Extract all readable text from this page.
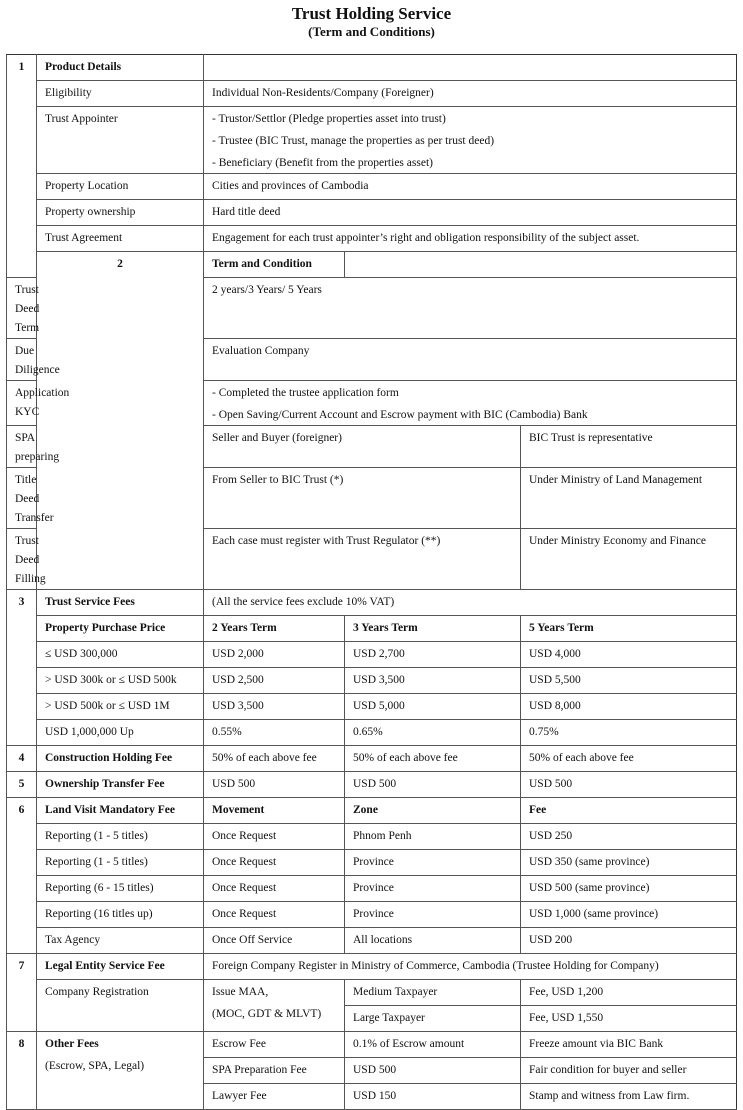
Trust Holding Service
(Term and Conditions)
1	Product Details			
	Eligibility	Individual Non-Residents/Company (Foreigner)		
	Trust Appointer	- Trustor/Settlor (Pledge properties asset into trust)
- Trustee (BIC Trust, manage the properties as per trust deed)
- Beneficiary (Benefit from the properties asset)		

	Property Location	Cities and provinces of Cambodia		
	Property ownership	Hard title deed		
	Trust Agreement	Engagement for each trust appointer’s right and obligation responsibility of the subject asset.		
	2	Term and Condition		
Trust Deed Term		2 years/3 Years/ 5 Years		
Due Diligence		Evaluation Company		
Application KYC		- Completed the trustee application form
- Open Saving/Current Account and Escrow payment with BIC (Cambodia) Bank		

SPA preparing		Seller and Buyer (foreigner)		BIC Trust is representative
Title Deed Transfer		From Seller to BIC Trust (*)		Under Ministry of Land Management
Trust Deed Filling		Each case must register with Trust Regulator (**)		Under Ministry Economy and Finance
3	Trust Service Fees	(All the service fees exclude 10% VAT)		
	Property Purchase Price	2 Years Term	3 Years Term	5 Years Term
	≤ USD 300,000	USD 2,000	USD 2,700	USD 4,000
	> USD 300k or ≤ USD 500k	USD 2,500	USD 3,500	USD 5,500
	> USD 500k or ≤ USD 1M	USD 3,500	USD 5,000	USD 8,000
	USD 1,000,000 Up	0.55%	0.65%	0.75%
4	Construction Holding Fee	50% of each above fee	50% of each above fee	50% of each above fee
5	Ownership Transfer Fee	USD 500	USD 500	USD 500
6	Land Visit Mandatory Fee	Movement	Zone	Fee
	Reporting (1 - 5 titles)	Once Request	Phnom Penh	USD 250
	Reporting (1 - 5 titles)	Once Request	Province	USD 350 (same province)
	Reporting (6 - 15 titles)	Once Request	Province	USD 500 (same province)
	Reporting (16 titles up)	Once Request	Province	USD 1,000 (same province)
	Tax Agency	Once Off Service	All locations	USD 200
7	Legal Entity Service Fee	Foreign Company Register in Ministry of Commerce, Cambodia (Trustee Holding for Company)		
	Company Registration	Issue MAA,
(MOC, GDT & MLVT)	Medium Taxpayer	Fee, USD 1,200
			Large Taxpayer	Fee, USD 1,550
8	Other Fees
(Escrow, SPA, Legal)	Escrow Fee	0.1% of Escrow amount	Freeze amount via BIC Bank
		SPA Preparation Fee	USD 500	Fair condition for buyer and seller
		Lawyer Fee	USD 150	Stamp and witness from Law firm.
